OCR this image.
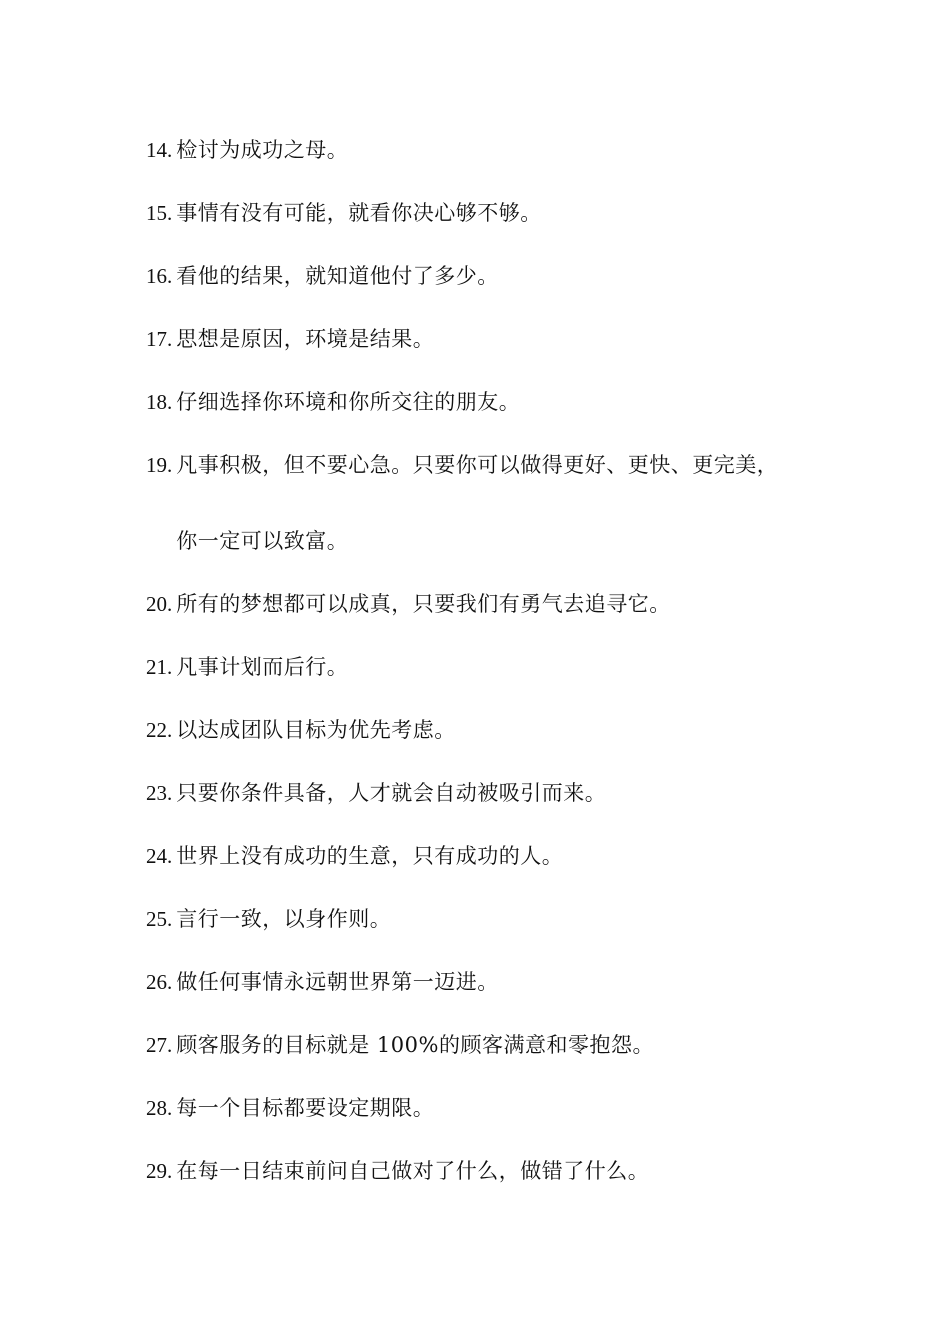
14. 检讨为成功之母。
15. 事情有没有可能，就看你决心够不够。
16. 看他的结果，就知道他付了多少。
17. 思想是原因，环境是结果。
18. 仔细选择你环境和你所交往的朋友。
19. 凡事积极，但不要心急。只要你可以做得更好、更快、更完美，
你一定可以致富。
20. 所有的梦想都可以成真，只要我们有勇气去追寻它。
21. 凡事计划而后行。
22. 以达成团队目标为优先考虑。
23. 只要你条件具备，人才就会自动被吸引而来。
24. 世界上没有成功的生意，只有成功的人。
25. 言行一致，以身作则。
26. 做任何事情永远朝世界第一迈进。
27. 顾客服务的目标就是 100%的顾客满意和零抱怨。
28. 每一个目标都要设定期限。
29. 在每一日结束前问自己做对了什么，做错了什么。
